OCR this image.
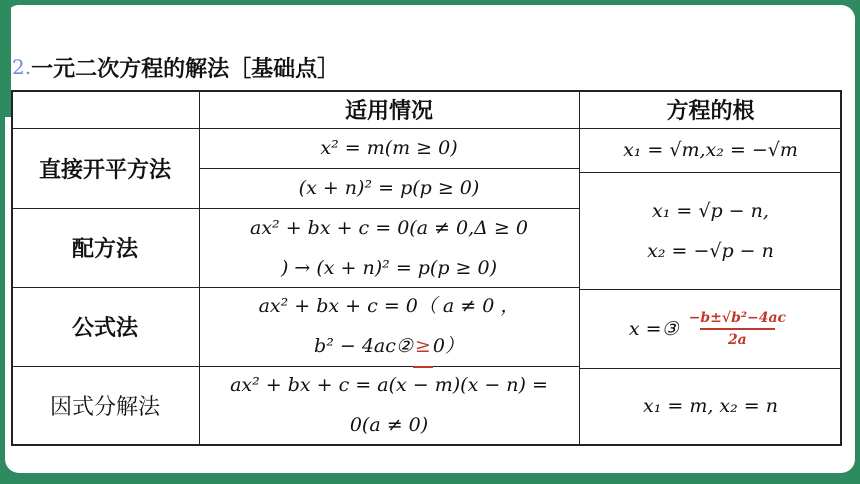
2. 一元二次方程的解法［基础点］
适用情况	方程的根
直接开平方法
x² = m(m ≥ 0)
(x + n)² = p(p ≥ 0)
x₁ = √m,x₂ = −√m
x₁ = √p − n,
x₂ = −√p − n
配方法
ax² + bx + c = 0(a ≠ 0,Δ ≥ 0
) → (x + n)² = p(p ≥ 0)
公式法
ax² + bx + c = 0（ a ≠ 0 ，
b² − 4ac② ≥ 0）
x =③ $\frac{\text{−b±√b²−4ac}}{2a}$
因式分解法
ax² + bx + c = a(x − m)(x − n) =
0(a ≠ 0)
x₁ = m, x₂ = n
